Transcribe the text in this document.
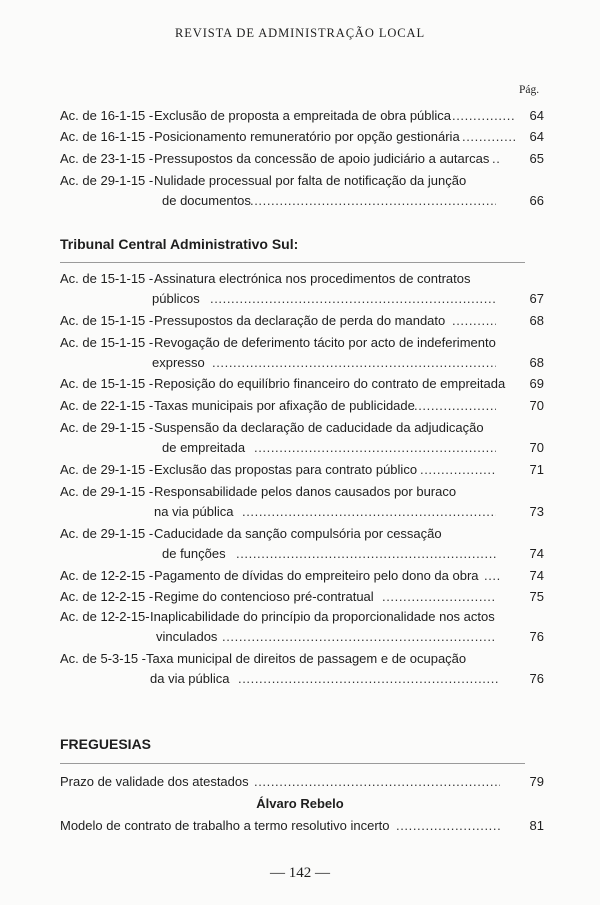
REVISTA DE ADMINISTRAÇÃO LOCAL
Pág.
Ac. de 16-1-15 - Exclusão de proposta a empreitada de obra pública .....	64
Ac. de 16-1-15 - Posicionamento remuneratório por opção gestionária .....	64
Ac. de 23-1-15 - Pressupostos da concessão de apoio judiciário a autarcas .....	65
Ac. de 29-1-15 - Nulidade processual por falta de notificação da junção
de documentos .....	66
Tribunal Central Administrativo Sul:
Ac. de 15-1-15 - Assinatura electrónica nos procedimentos de contratos
públicos .....	67
Ac. de 15-1-15 - Pressupostos da declaração de perda do mandato .....	68
Ac. de 15-1-15 - Revogação de deferimento tácito por acto de indeferimento
expresso .....	68
Ac. de 15-1-15 - Reposição do equilíbrio financeiro do contrato de empreitada	69
Ac. de 22-1-15 - Taxas municipais por afixação de publicidade .....	70
Ac. de 29-1-15 - Suspensão da declaração de caducidade da adjudicação
de empreitada .....	70
Ac. de 29-1-15 - Exclusão das propostas para contrato público .....	71
Ac. de 29-1-15 - Responsabilidade pelos danos causados por buraco
na via pública .....	73
Ac. de 29-1-15 - Caducidade da sanção compulsória por cessação
de funções .....	74
Ac. de 12-2-15 - Pagamento de dívidas do empreiteiro pelo dono da obra .....	74
Ac. de 12-2-15 - Regime do contencioso pré-contratual .....	75
Ac. de 12-2-15- Inaplicabilidade do princípio da proporcionalidade nos actos
vinculados .....	76
Ac. de 5-3-15 - Taxa municipal de direitos de passagem e de ocupação
da via pública .....	76
FREGUESIAS
Prazo de validade dos atestados .....	79
Álvaro Rebelo
Modelo de contrato de trabalho a termo resolutivo incerto .....	81
— 142 —
